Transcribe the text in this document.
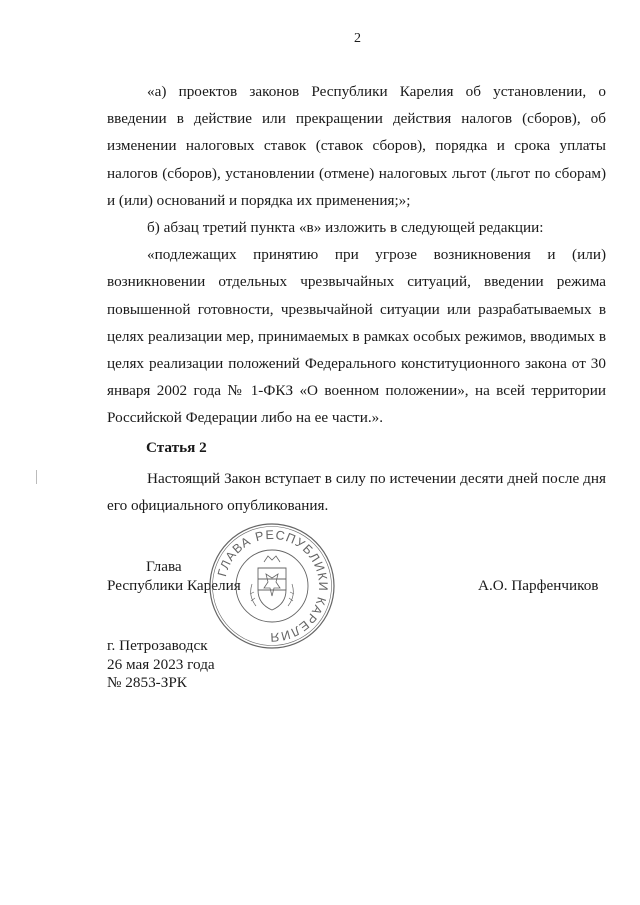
2

«а) проектов законов Республики Карелия об установлении, о введении в действие или прекращении действия налогов (сборов), об изменении налоговых ставок (ставок сборов), порядка и срока уплаты налогов (сборов), установлении (отмене) налоговых льгот (льгот по сборам) и (или) оснований и порядка их применения;»;

б) абзац третий пункта «в» изложить в следующей редакции:

«подлежащих принятию при угрозе возникновения и (или) возникновении отдельных чрезвычайных ситуаций, введении режима повышенной готовности, чрезвычайной ситуации или разрабатываемых в целях реализации мер, принимаемых в рамках особых режимов, вводимых в целях реализации положений Федерального конституционного закона от 30 января 2002 года № 1-ФКЗ «О военном положении», на всей территории Российской Федерации либо на ее части.».

Статья 2

Настоящий Закон вступает в силу по истечении десяти дней после дня его официального опубликования.

Глава
Республики Карелия	А.О. Парфенчиков
ГЛАВА РЕСПУБЛИКИ КАРЕЛИЯ
г. Петрозаводск
26 мая 2023 года
№ 2853-ЗРК
